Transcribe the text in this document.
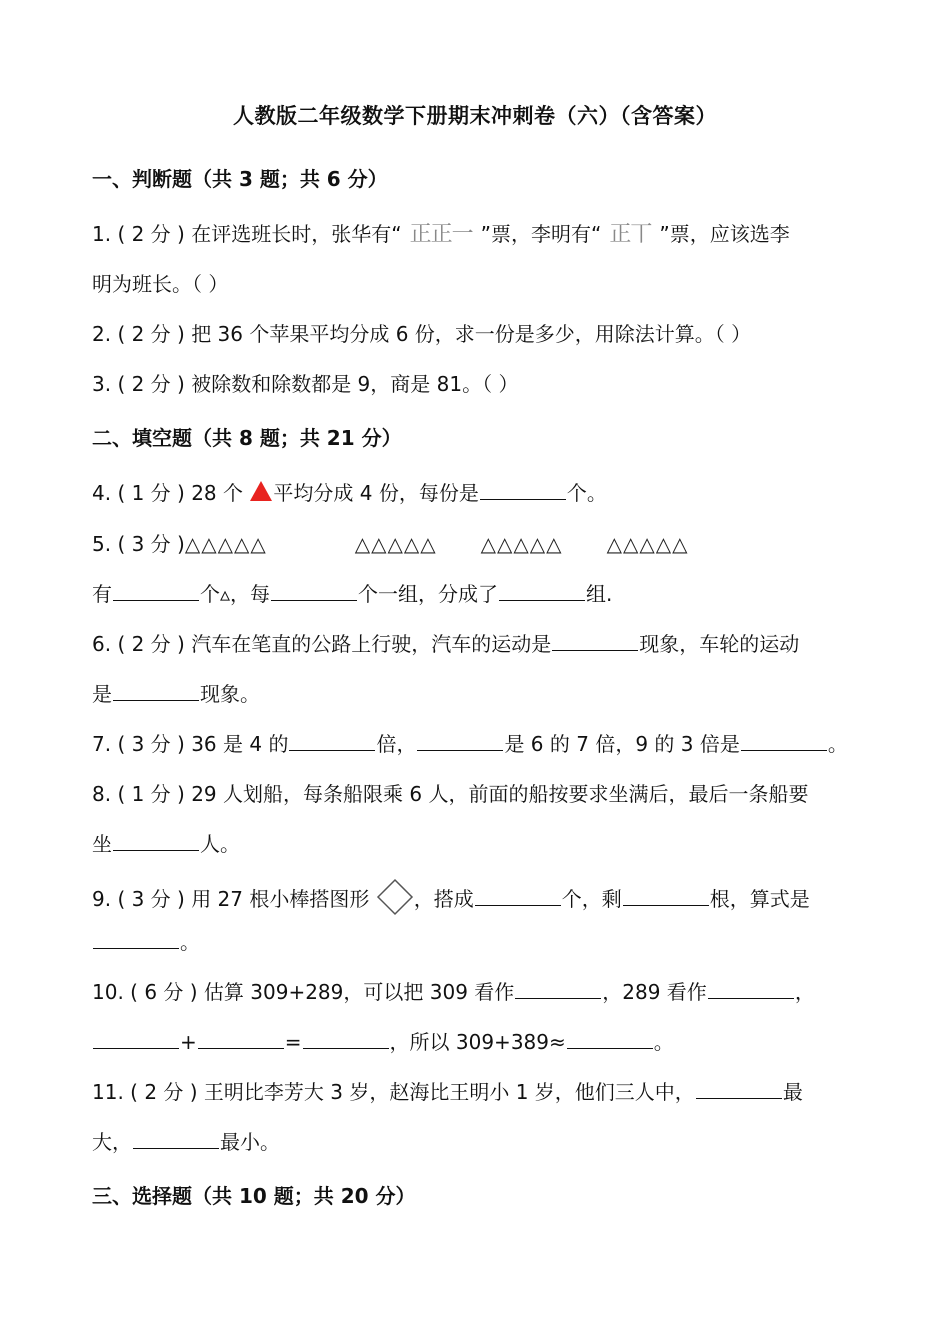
人教版二年级数学下册期末冲刺卷（六）（含答案）
一、判断题（共 3 题；共 6 分）
1. ( 2 分 ) 在评选班长时，张华有“ 正正一 ”票，李明有“ 正丅 ”票，应该选李
明为班长。（ ）
2. ( 2 分 ) 把 36 个苹果平均分成 6 份，求一份是多少，用除法计算。（ ）
3. ( 2 分 ) 被除数和除数都是 9，商是 81。（ ）
二、填空题（共 8 题；共 21 分）
4. ( 1 分 ) 28 个 平均分成 4 份，每份是	个。
5. ( 3 分 )△△△△△	△△△△△ △△△△△ △△△△△
有	个▵，每	个一组，分成了	组.
6. ( 2 分 ) 汽车在笔直的公路上行驶，汽车的运动是	现象，车轮的运动
是	现象。
7. ( 3 分 ) 36 是 4 的	倍，	是 6 的 7 倍，9 的 3 倍是	。
8. ( 1 分 ) 29 人划船，每条船限乘 6 人，前面的船按要求坐满后，最后一条船要
坐	人。
9. ( 3 分 ) 用 27 根小棒搭图形 ，搭成	个，剩	根，算式是
。
10. ( 6 分 ) 估算 309+289，可以把 309 看作	，289 看作	，
+	=	，所以 309+389≈	。
11. ( 2 分 ) 王明比李芳大 3 岁，赵海比王明小 1 岁，他们三人中，	最
大，	最小。
三、选择题（共 10 题；共 20 分）
